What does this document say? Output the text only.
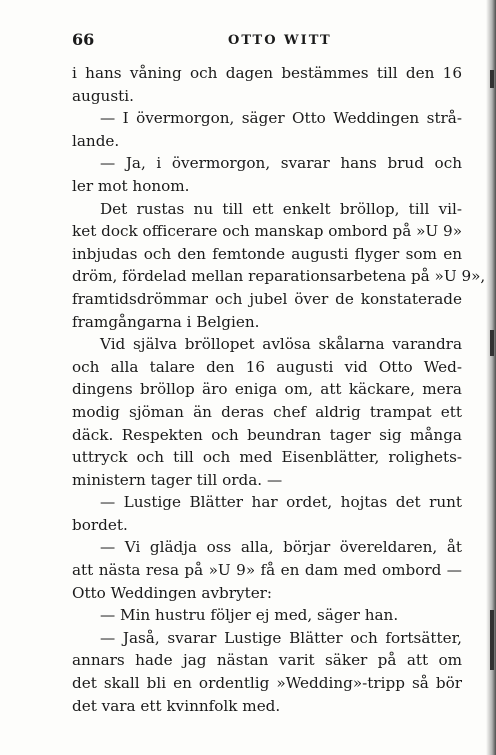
66	OTTO WITT
i hans våning och dagen bestämmes till den 16
augusti.
— I övermorgon, säger Otto Weddingen strå-
lande.
— Ja, i övermorgon, svarar hans brud och
ler mot honom.
Det rustas nu till ett enkelt bröllop, till vil-
ket dock officerare och manskap ombord på »U 9»
inbjudas och den femtonde augusti flyger som en
dröm, fördelad mellan reparationsarbetena på »U 9»,
framtidsdrömmar och jubel över de konstaterade
framgångarna i Belgien.
Vid själva bröllopet avlösa skålarna varandra
och alla talare den 16 augusti vid Otto Wed-
dingens bröllop äro eniga om, att käckare, mera
modig sjöman än deras chef aldrig trampat ett
däck. Respekten och beundran tager sig många
uttryck och till och med Eisenblätter, rolighets-
ministern tager till orda. —
— Lustige Blätter har ordet, hojtas det runt
bordet.
— Vi glädja oss alla, börjar övereldaren, åt
att nästa resa på »U 9» få en dam med ombord —
Otto Weddingen avbryter:
— Min hustru följer ej med, säger han.
— Jaså, svarar Lustige Blätter och fortsätter,
annars hade jag nästan varit säker på att om
det skall bli en ordentlig »Wedding»-tripp så bör
det vara ett kvinnfolk med.
